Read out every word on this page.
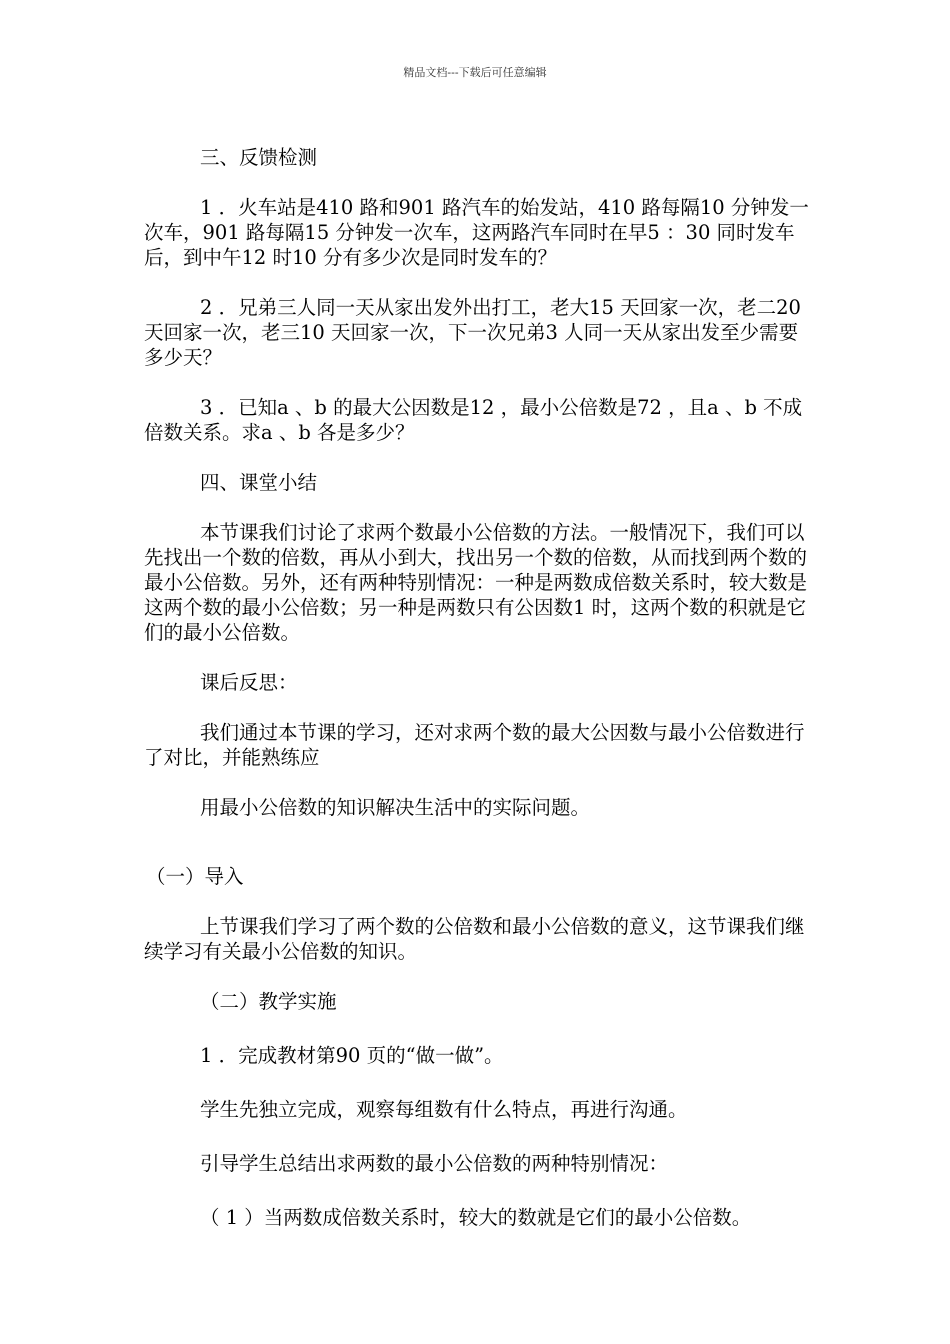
精品文档---下载后可任意编辑

三、反馈检测

1 ．火车站是410 路和901 路汽车的始发站，410 路每隔10 分钟发一次车，901 路每隔15 分钟发一次车，这两路汽车同时在早5 ：30 同时发车后，到中午12 时10 分有多少次是同时发车的？

2 ．兄弟三人同一天从家出发外出打工，老大15 天回家一次，老二20 天回家一次，老三10 天回家一次，下一次兄弟3 人同一天从家出发至少需要多少天？

3 ．已知a 、b 的最大公因数是12 ，最小公倍数是72 ，且a 、b 不成倍数关系。求a 、b 各是多少？

四、课堂小结

本节课我们讨论了求两个数最小公倍数的方法。一般情况下，我们可以先找出一个数的倍数，再从小到大，找出另一个数的倍数，从而找到两个数的最小公倍数。另外，还有两种特别情况：一种是两数成倍数关系时，较大数是这两个数的最小公倍数；另一种是两数只有公因数1 时，这两个数的积就是它们的最小公倍数。

课后反思：

我们通过本节课的学习，还对求两个数的最大公因数与最小公倍数进行了对比，并能熟练应

用最小公倍数的知识解决生活中的实际问题。

（一）导入

上节课我们学习了两个数的公倍数和最小公倍数的意义，这节课我们继续学习有关最小公倍数的知识。

（二）教学实施

1 ．完成教材第90 页的“做一做”。

学生先独立完成，观察每组数有什么特点，再进行沟通。

引导学生总结出求两数的最小公倍数的两种特别情况：

（ 1 ）当两数成倍数关系时，较大的数就是它们的最小公倍数。
